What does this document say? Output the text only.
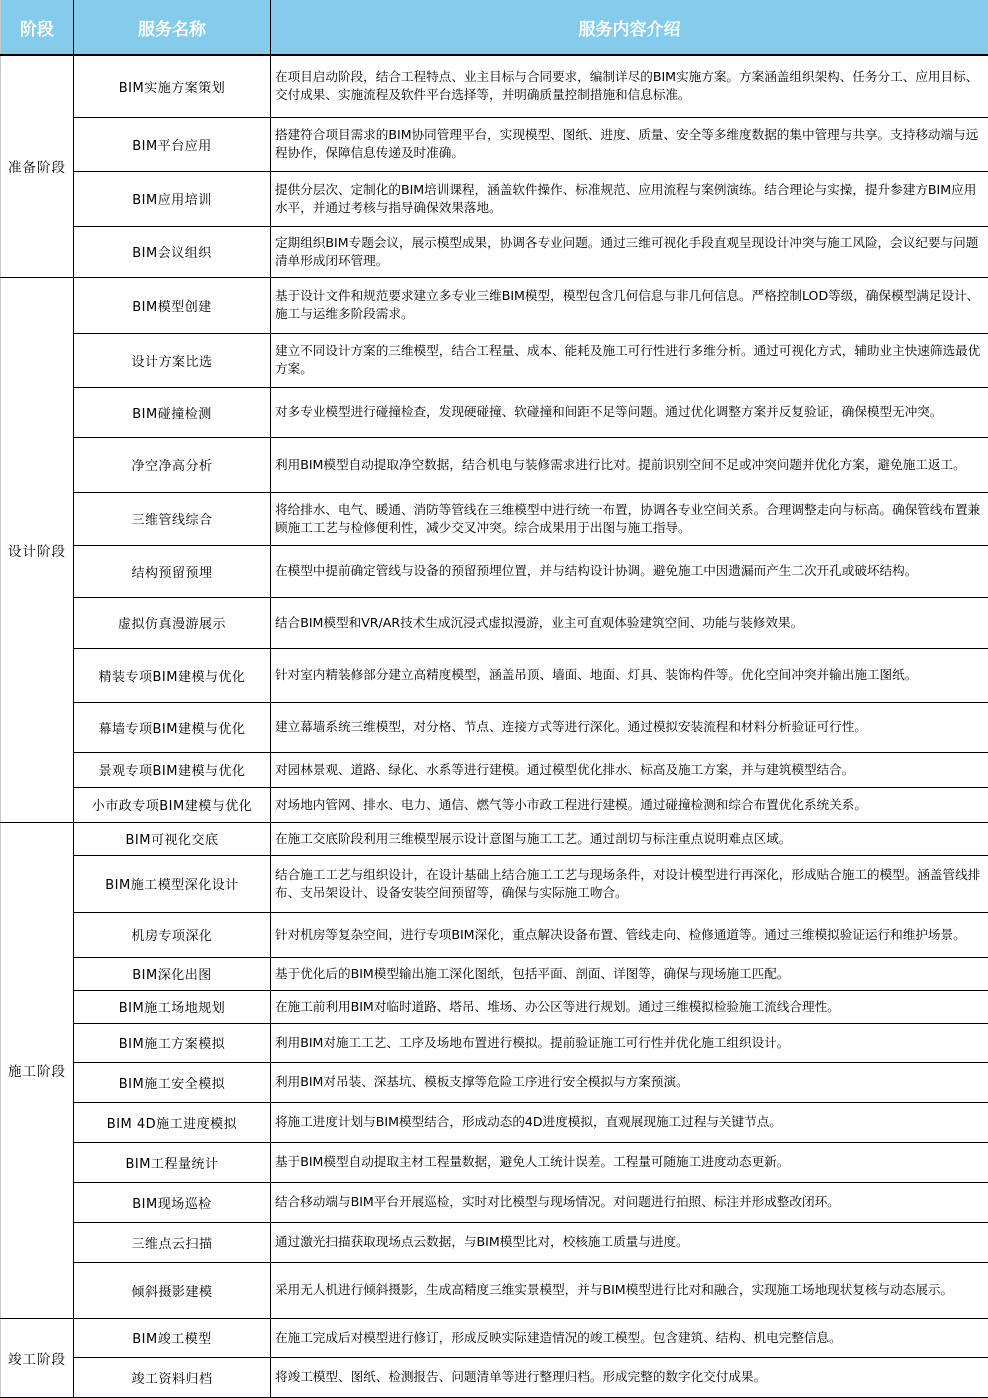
阶段	服务名称	服务内容介绍
准备阶段	BIM实施方案策划	在项目启动阶段，结合工程特点、业主目标与合同要求，编制详尽的BIM实施方案。方案涵盖组织架构、任务分工、应用目标、交付成果、实施流程及软件平台选择等，并明确质量控制措施和信息标准。
	BIM平台应用	搭建符合项目需求的BIM协同管理平台，实现模型、图纸、进度、质量、安全等多维度数据的集中管理与共享。支持移动端与远程协作，保障信息传递及时准确。
	BIM应用培训	提供分层次、定制化的BIM培训课程，涵盖软件操作、标准规范、应用流程与案例演练。结合理论与实操，提升参建方BIM应用水平，并通过考核与指导确保效果落地。
	BIM会议组织	定期组织BIM专题会议，展示模型成果，协调各专业问题。通过三维可视化手段直观呈现设计冲突与施工风险，会议纪要与问题清单形成闭环管理。
设计阶段	BIM模型创建	基于设计文件和规范要求建立多专业三维BIM模型，模型包含几何信息与非几何信息。严格控制LOD等级，确保模型满足设计、施工与运维多阶段需求。
	设计方案比选	建立不同设计方案的三维模型，结合工程量、成本、能耗及施工可行性进行多维分析。通过可视化方式，辅助业主快速筛选最优方案。
	BIM碰撞检测	对多专业模型进行碰撞检查，发现硬碰撞、软碰撞和间距不足等问题。通过优化调整方案并反复验证，确保模型无冲突。
	净空净高分析	利用BIM模型自动提取净空数据，结合机电与装修需求进行比对。提前识别空间不足或冲突问题并优化方案，避免施工返工。
	三维管线综合	将给排水、电气、暖通、消防等管线在三维模型中进行统一布置，协调各专业空间关系。合理调整走向与标高。确保管线布置兼顾施工工艺与检修便利性，减少交叉冲突。综合成果用于出图与施工指导。
	结构预留预埋	在模型中提前确定管线与设备的预留预埋位置，并与结构设计协调。避免施工中因遗漏而产生二次开孔或破坏结构。
	虚拟仿真漫游展示	结合BIM模型和VR/AR技术生成沉浸式虚拟漫游，业主可直观体验建筑空间、功能与装修效果。
	精装专项BIM建模与优化	针对室内精装修部分建立高精度模型，涵盖吊顶、墙面、地面、灯具、装饰构件等。优化空间冲突并输出施工图纸。
	幕墙专项BIM建模与优化	建立幕墙系统三维模型，对分格、节点、连接方式等进行深化。通过模拟安装流程和材料分析验证可行性。
	景观专项BIM建模与优化	对园林景观、道路、绿化、水系等进行建模。通过模型优化排水、标高及施工方案，并与建筑模型结合。
	小市政专项BIM建模与优化	对场地内管网、排水、电力、通信、燃气等小市政工程进行建模。通过碰撞检测和综合布置优化系统关系。
施工阶段	BIM可视化交底	在施工交底阶段利用三维模型展示设计意图与施工工艺。通过剖切与标注重点说明难点区域。
	BIM施工模型深化设计	结合施工工艺与组织设计，在设计基础上结合施工工艺与现场条件，对设计模型进行再深化，形成贴合施工的模型。涵盖管线排布、支吊架设计、设备安装空间预留等，确保与实际施工吻合。
	机房专项深化	针对机房等复杂空间，进行专项BIM深化，重点解决设备布置、管线走向、检修通道等。通过三维模拟验证运行和维护场景。
	BIM深化出图	基于优化后的BIM模型输出施工深化图纸，包括平面、剖面、详图等，确保与现场施工匹配。
	BIM施工场地规划	在施工前利用BIM对临时道路、塔吊、堆场、办公区等进行规划。通过三维模拟检验施工流线合理性。
	BIM施工方案模拟	利用BIM对施工工艺、工序及场地布置进行模拟。提前验证施工可行性并优化施工组织设计。
	BIM施工安全模拟	利用BIM对吊装、深基坑、模板支撑等危险工序进行安全模拟与方案预演。
	BIM 4D施工进度模拟	将施工进度计划与BIM模型结合，形成动态的4D进度模拟，直观展现施工过程与关键节点。
	BIM工程量统计	基于BIM模型自动提取主材工程量数据，避免人工统计误差。工程量可随施工进度动态更新。
	BIM现场巡检	结合移动端与BIM平台开展巡检，实时对比模型与现场情况。对问题进行拍照、标注并形成整改闭环。
	三维点云扫描	通过激光扫描获取现场点云数据，与BIM模型比对，校核施工质量与进度。
	倾斜摄影建模	采用无人机进行倾斜摄影，生成高精度三维实景模型，并与BIM模型进行比对和融合，实现施工场地现状复核与动态展示。
竣工阶段	BIM竣工模型	在施工完成后对模型进行修订，形成反映实际建造情况的竣工模型。包含建筑、结构、机电完整信息。
	竣工资料归档	将竣工模型、图纸、检测报告、问题清单等进行整理归档。形成完整的数字化交付成果。
